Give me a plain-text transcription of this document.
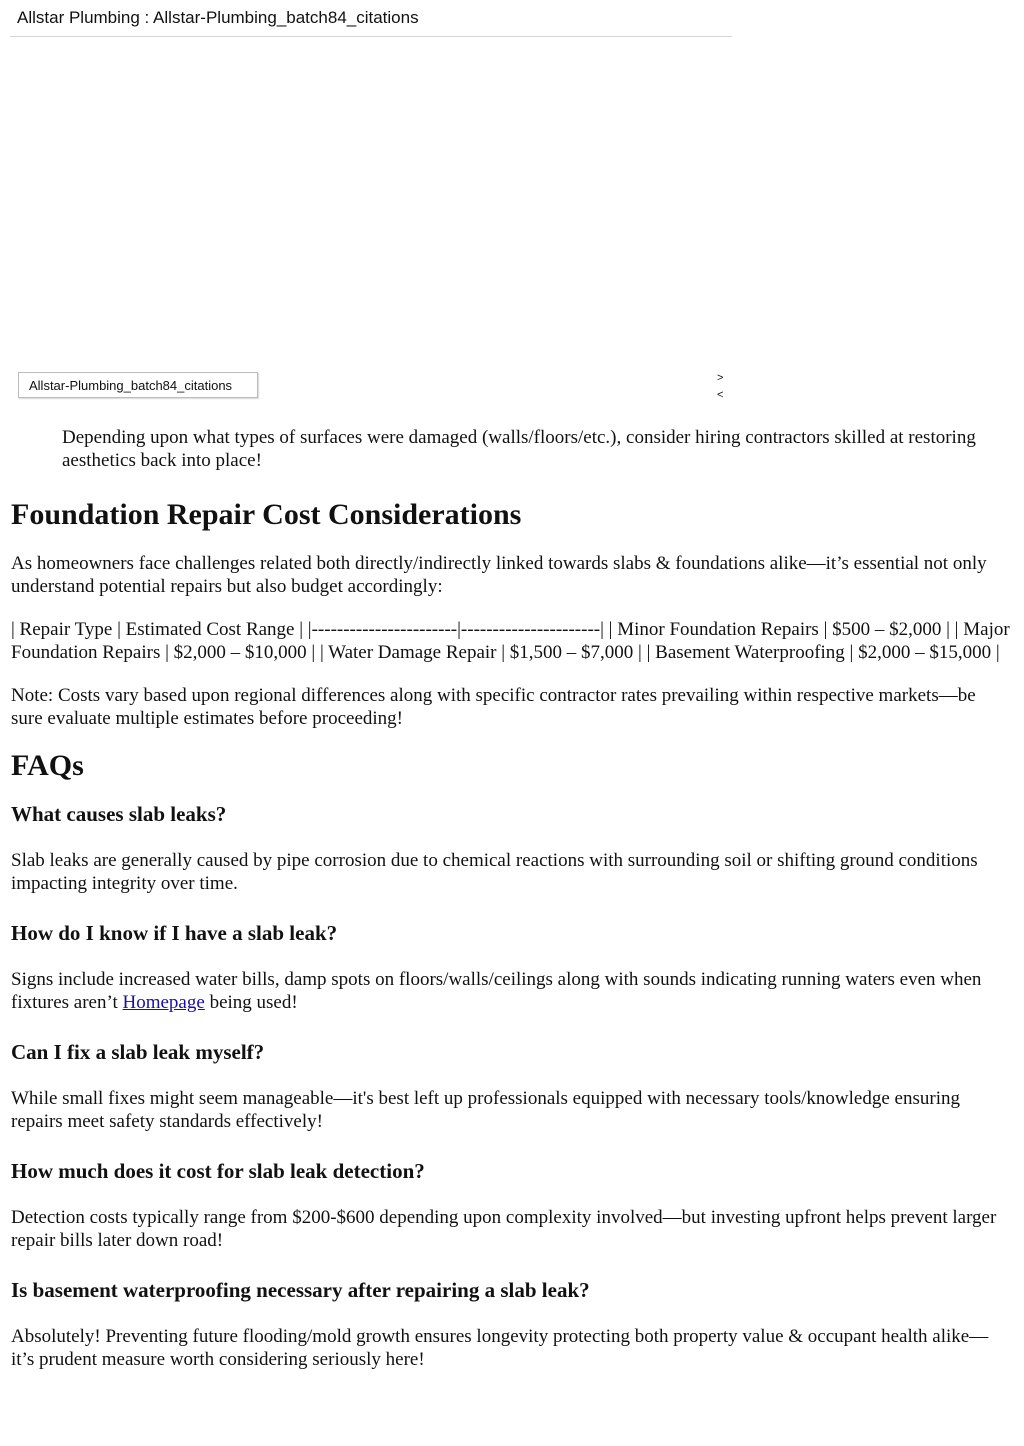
Allstar Plumbing : Allstar-Plumbing_batch84_citations
Allstar-Plumbing_batch84_citations	>
<

Depending upon what types of surfaces were damaged (walls/floors/etc.), consider hiring contractors skilled at restoring aesthetics back into place!

Foundation Repair Cost Considerations

As homeowners face challenges related both directly/indirectly linked towards slabs & foundations alike—it’s essential not only understand potential repairs but also budget accordingly:

| Repair Type | Estimated Cost Range | |-----------------------|----------------------| | Minor Foundation Repairs | $500 – $2,000 | | Major Foundation Repairs | $2,000 – $10,000 | | Water Damage Repair | $1,500 – $7,000 | | Basement Waterproofing | $2,000 – $15,000 |

Note: Costs vary based upon regional differences along with specific contractor rates prevailing within respective markets—be sure evaluate multiple estimates before proceeding!

FAQs
What causes slab leaks?

Slab leaks are generally caused by pipe corrosion due to chemical reactions with surrounding soil or shifting ground conditions impacting integrity over time.

How do I know if I have a slab leak?

Signs include increased water bills, damp spots on floors/walls/ceilings along with sounds indicating running waters even when fixtures aren’t Homepage being used!

Can I fix a slab leak myself?

While small fixes might seem manageable—it's best left up professionals equipped with necessary tools/knowledge ensuring repairs meet safety standards effectively!

How much does it cost for slab leak detection?

Detection costs typically range from $200-$600 depending upon complexity involved—but investing upfront helps prevent larger repair bills later down road!

Is basement waterproofing necessary after repairing a slab leak?

Absolutely! Preventing future flooding/mold growth ensures longevity protecting both property value & occupant health alike—it’s prudent measure worth considering seriously here!
